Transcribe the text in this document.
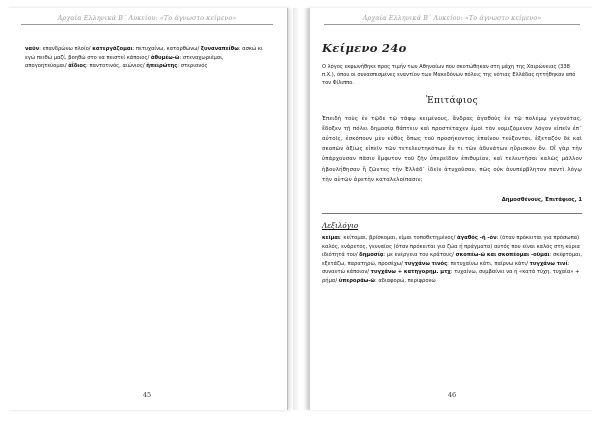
Αρχαία Ελληνικά Β΄ Λυκείου: «Το άγνωστο κείμενο»
ναῦν: επανδρώνω πλοίο/ κατεργάζομαι: πετυχαίνω, κατορθώνω/ ξυναναπείθω: ασκώ κι εγώ πειθώ μαζί, βοηθώ στο να πειστεί κάποιος/ ἀθυμέω-ῶ: στεναχωριέμαι, απογοητεύομαι/ ἀΐδιος: παντοτινός, αιώνιος/ ἡπειρώτης: στεριανός
45
Αρχαία Ελληνικά Β΄ Λυκείου: «Το άγνωστο κείμενο»
Κείμενο 24ο

Ο λόγος εκφωνήθηκε προς τιμήν των Αθηναίων που σκοτώθηκαν στη μάχη της Χαιρώνειας (338 π.Χ.), όπου οι συνασπισμένες εναντίον των Μακεδόνων πόλεις της νότιας Ελλάδας ηττήθηκαν από τον Φίλιππο.

Ἐπιτάφιος

Ἐπειδὴ τοὺς ἐν τῷδε τῷ τάφῳ κειμένους, ἄνδρας ἀγαθοὺς ἐν τῷ πολέμῳ γεγονότας, ἔδοξεν τῇ πόλει δημοσίᾳ θάπτειν καὶ προστέταχεν ἐμοὶ τὸν νομιζόμενον λόγον εἰπεῖν ἐπ᾿ αὐτοῖς, ἐσκόπουν μὲν εὐθὺς ὅπως τοῦ προσήκοντος ἐπαίνου τεύξονται, ἐξεταζόν δὲ καὶ σκοπῶν ἀξίως εἰπεῖν τῶν τετελευτηκότων ἕν τι τῶν ἀδυνάτων ηὕρισκον ὄν. Οἳ γὰρ τὴν ὑπάρχουσαν πᾶσιν ἔμφυτον τοῦ ζῆν ὑπερεῖδον ἐπιθυμίαν, καὶ τελευτῆσαι καλῶς μᾶλλον ἠβουλήθησαν ἢ ζῶντες τὴν Ἑλλάδ᾿ ἰδεῖν ἀτυχοῦσαν, πῶς οὐκ ἀνυπέρβλητον παντὶ λόγῳ τὴν αὑτῶν ἀρετὴν καταλελοίπασιν;

Δημοσθένους, Ἐπιτάφιος, 1
Λεξιλόγιο

κεῖμαι: κείτομαι, βρίσκομαι, είμαι τοποθετημένος/ ἀγαθός -ή -όν: (όταν πρόκειται για πρόσωπα) καλός, ενάρετος, γενναίος (όταν πρόκειται για ζώα ή πράγματα) αυτός που είναι καλός στη κύρια ιδιότητά του/ δημοσίᾳ: με ενέργεια του κράτους/ σκοπέω-ῶ και σκοπέομαι -οῦμαι: σκέφτομαι, εξετάζω, παρατηρώ, προσέχω/ τυγχάνω τινός: πετυχαίνω κάτι, παίρνω κάτι/ τυγχάνω τινί: συναντώ κάποιον/ τυγχάνω + κατηγορημ. μτχ: τυχαίνω, συμβαίνει να ή «κατά τύχη, τυχαία» + ρήμα/ ὑπεροράω-ῶ: αδιαφορώ, περιφρονώ

46
